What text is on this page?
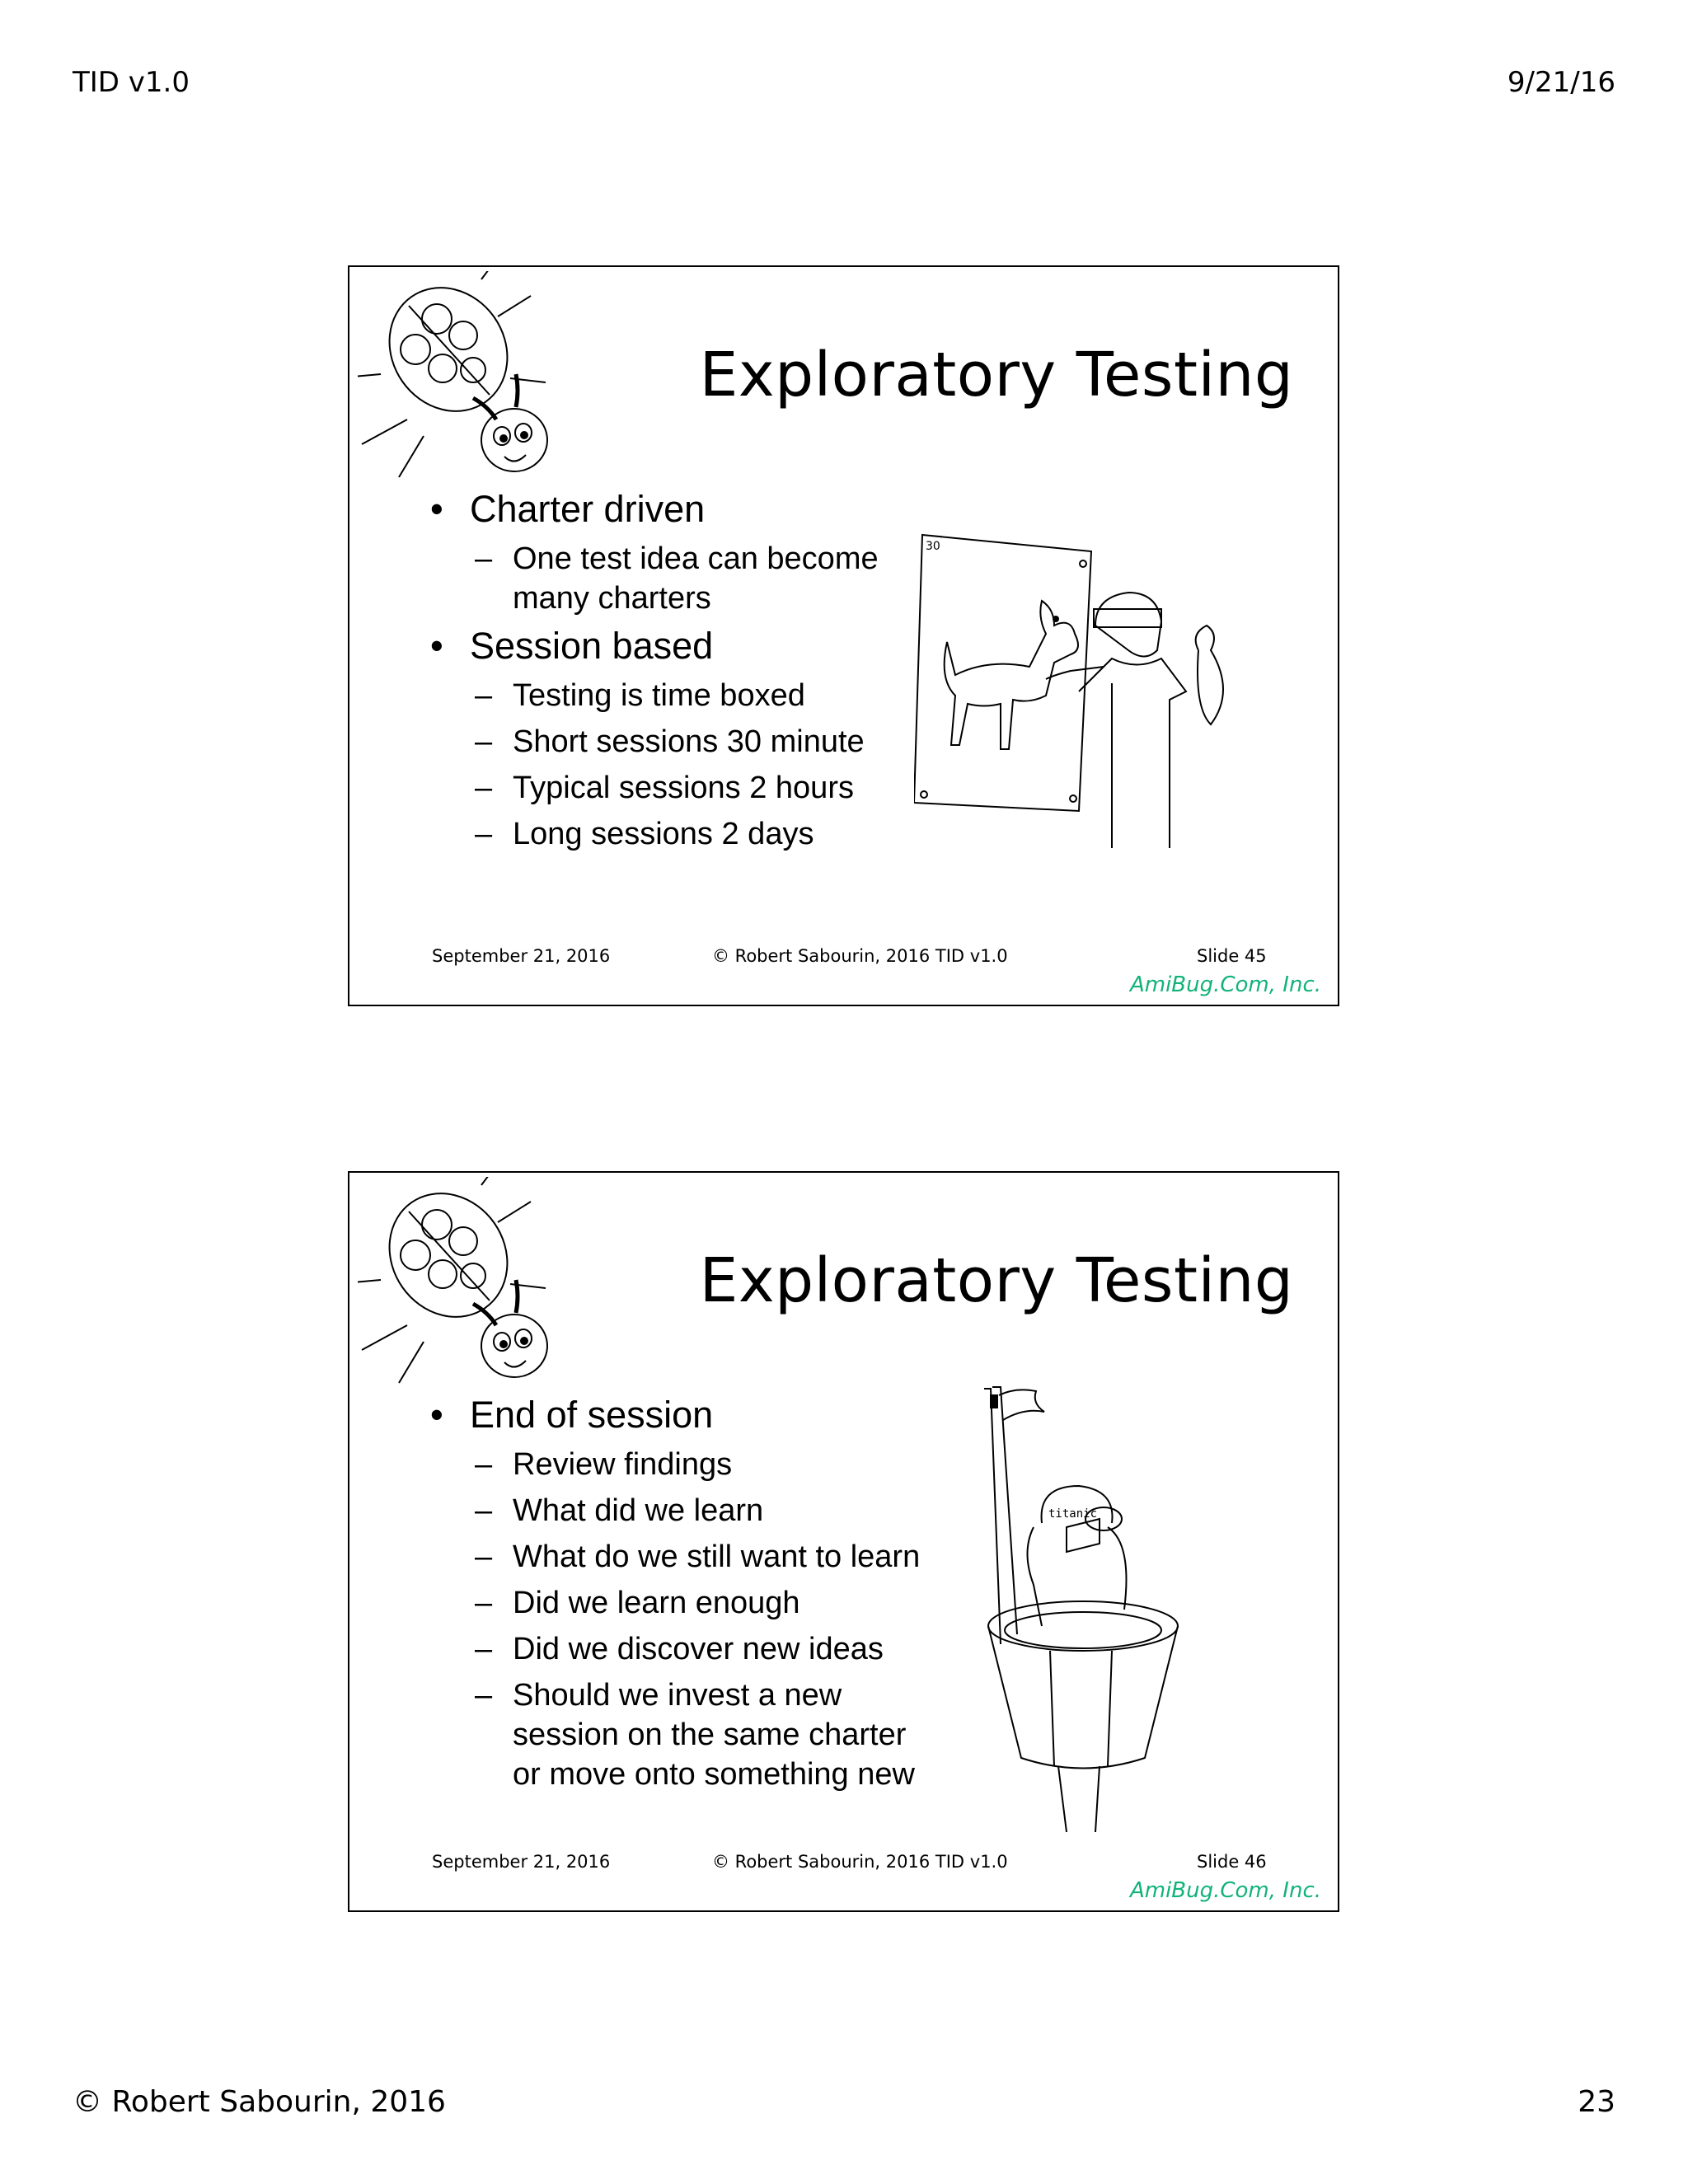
TID v1.0	9/21/16
Exploratory Testing
• Charter driven
– One test idea can become
many charters
• Session based
– Testing is time boxed
– Short sessions 30 minute
– Typical sessions 2 hours
– Long sessions 2 days
30
September 21, 2016	© Robert Sabourin, 2016 TID v1.0	Slide 45
AmiBug.Com, Inc.
Exploratory Testing
• End of session
– Review findings
– What did we learn
– What do we still want to learn
– Did we learn enough
– Did we discover new ideas
– Should we invest a new
session on the same charter
or move onto something new
titanic
September 21, 2016	© Robert Sabourin, 2016 TID v1.0	Slide 46
AmiBug.Com, Inc.
© Robert Sabourin, 2016	23
